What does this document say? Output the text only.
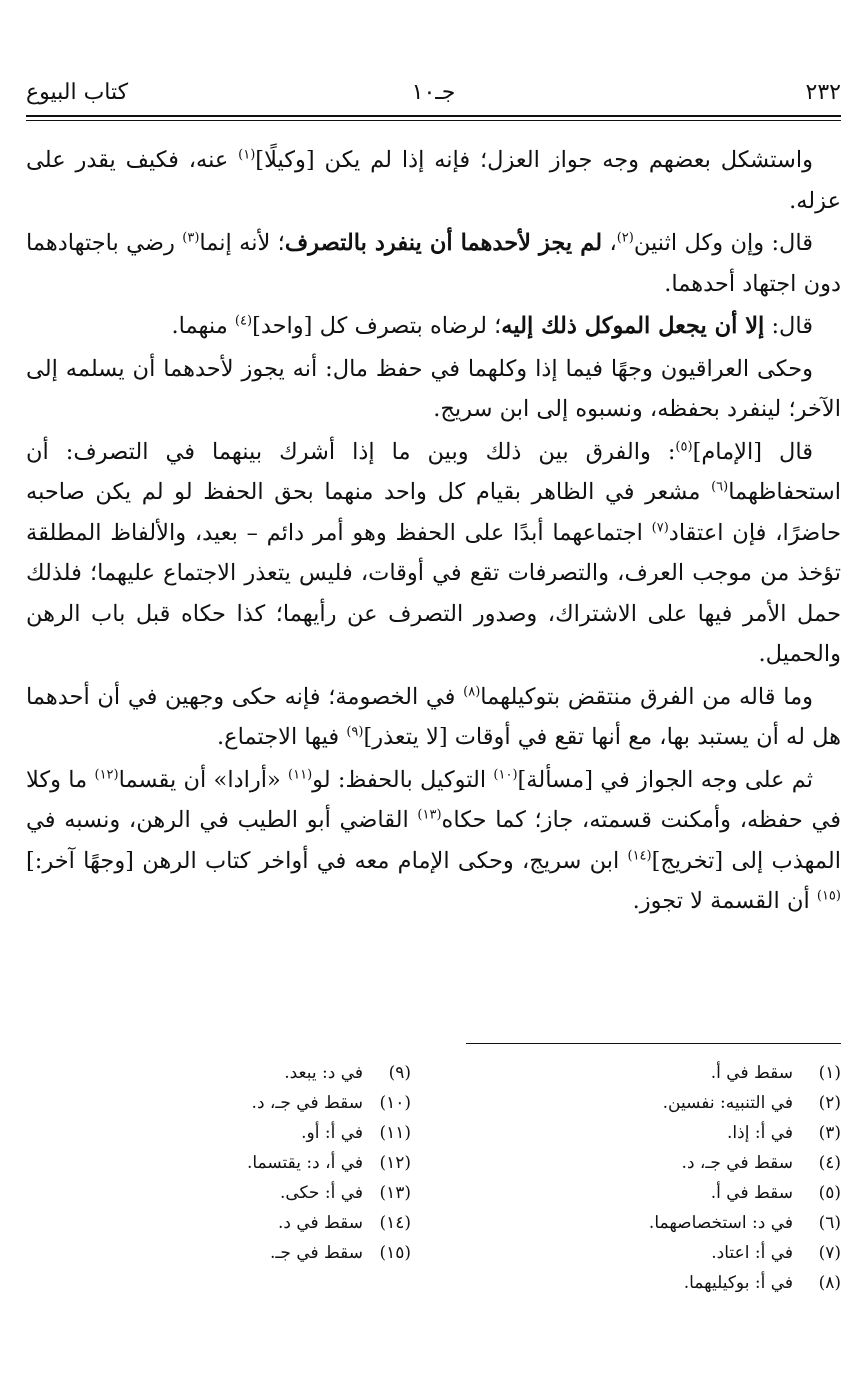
٢٣٢
جـ١٠
كتاب البيوع

واستشكل بعضهم وجه جواز العزل؛ فإنه إذا لم يكن [وكيلًا]$^{(١)}$ عنه، فكيف يقدر على عزله.

قال: وإن وكل اثنين$^{(٢)}$، لم يجز لأحدهما أن ينفرد بالتصرف؛ لأنه إنما$^{(٣)}$ رضي باجتهادهما دون اجتهاد أحدهما.

قال: إلا أن يجعل الموكل ذلك إليه؛ لرضاه بتصرف كل [واحد]$^{(٤)}$ منهما.

وحكى العراقيون وجهًا فيما إذا وكلهما في حفظ مال: أنه يجوز لأحدهما أن يسلمه إلى الآخر؛ لينفرد بحفظه، ونسبوه إلى ابن سريج.

قال [الإمام]$^{(٥)}$: والفرق بين ذلك وبين ما إذا أشرك بينهما في التصرف: أن استحفاظهما$^{(٦)}$ مشعر في الظاهر بقيام كل واحد منهما بحق الحفظ لو لم يكن صاحبه حاضرًا، فإن اعتقاد$^{(٧)}$ اجتماعهما أبدًا على الحفظ وهو أمر دائم – بعيد، والألفاظ المطلقة تؤخذ من موجب العرف، والتصرفات تقع في أوقات، فليس يتعذر الاجتماع عليهما؛ فلذلك حمل الأمر فيها على الاشتراك، وصدور التصرف عن رأيهما؛ كذا حكاه قبل باب الرهن والحميل.

وما قاله من الفرق منتقض بتوكيلهما$^{(٨)}$ في الخصومة؛ فإنه حكى وجهين في أن أحدهما هل له أن يستبد بها، مع أنها تقع في أوقات [لا يتعذر]$^{(٩)}$ فيها الاجتماع.

ثم على وجه الجواز في [مسألة]$^{(١٠)}$ التوكيل بالحفظ: لو$^{(١١)}$ «أرادا» أن يقسما$^{(١٢)}$ ما وكلا في حفظه، وأمكنت قسمته، جاز؛ كما حكاه$^{(١٣)}$ القاضي أبو الطيب في الرهن، ونسبه في المهذب إلى [تخريج]$^{(١٤)}$ ابن سريج، وحكى الإمام معه في أواخر كتاب الرهن [وجهًا آخر:]$^{(١٥)}$ أن القسمة لا تجوز.

(١)سقط في أ.
(٢)في التنبيه: نفسين.
(٣)في أ: إذا.
(٤)سقط في جـ، د.
(٥)سقط في أ.
(٦)في د: استخصاصهما.
(٧)في أ: اعتاد.
(٨)في أ: بوكيليهما.
(٩)في د: يبعد.
(١٠)سقط في جـ، د.
(١١)في أ: أو.
(١٢)في أ، د: يقتسما.
(١٣)في أ: حكى.
(١٤)سقط في د.
(١٥)سقط في جـ.
